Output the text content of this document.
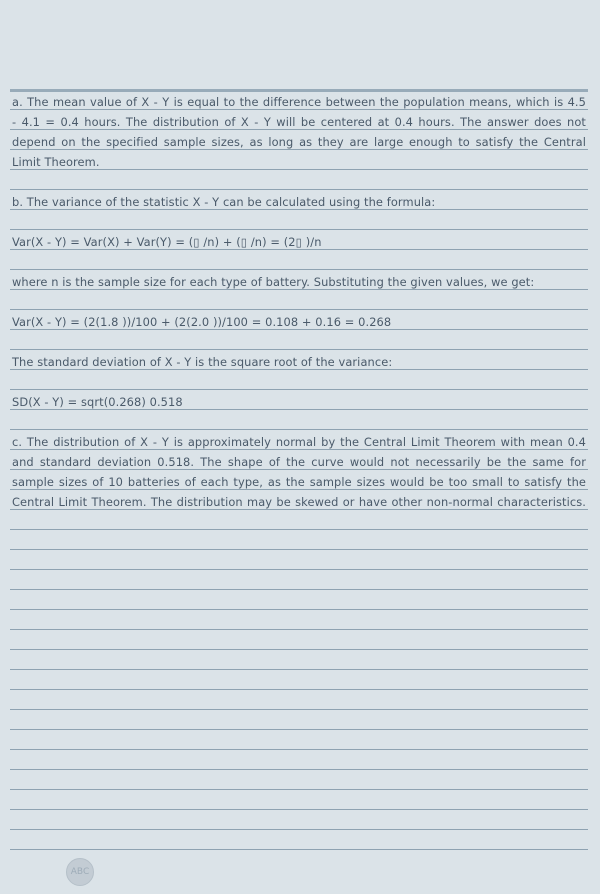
a. The mean value of X - Y is equal to the difference between the population means, which is 4.5
- 4.1 = 0.4 hours. The distribution of X - Y will be centered at 0.4 hours. The answer does not
depend on the specified sample sizes, as long as they are large enough to satisfy the Central
Limit Theorem.
b. The variance of the statistic X - Y can be calculated using the formula:
Var(X - Y) = Var(X) + Var(Y) = (▯ /n) + (▯ /n) = (2▯ )/n
where n is the sample size for each type of battery. Substituting the given values, we get:
Var(X - Y) = (2(1.8 ))/100 + (2(2.0 ))/100 = 0.108 + 0.16 = 0.268
The standard deviation of X - Y is the square root of the variance:
SD(X - Y) = sqrt(0.268) 0.518
c. The distribution of X - Y is approximately normal by the Central Limit Theorem with mean 0.4
and standard deviation 0.518. The shape of the curve would not necessarily be the same for
sample sizes of 10 batteries of each type, as the sample sizes would be too small to satisfy the
Central Limit Theorem. The distribution may be skewed or have other non-normal characteristics.
ABC
